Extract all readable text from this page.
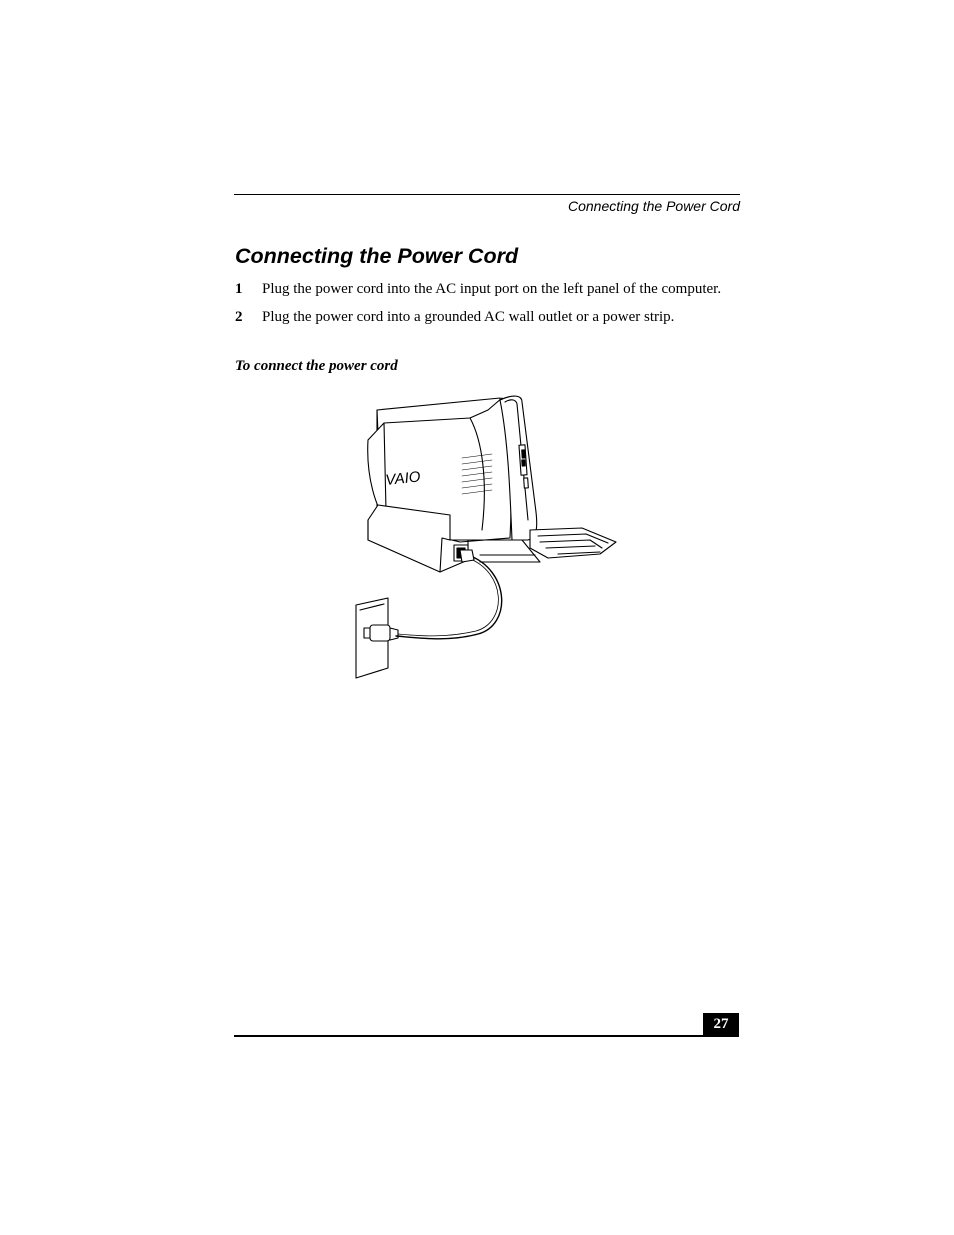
Connecting the Power Cord
Connecting the Power Cord
1 Plug the power cord into the AC input port on the left panel of the computer.
2 Plug the power cord into a grounded AC wall outlet or a power strip.
To connect the power cord
VAIO
27
